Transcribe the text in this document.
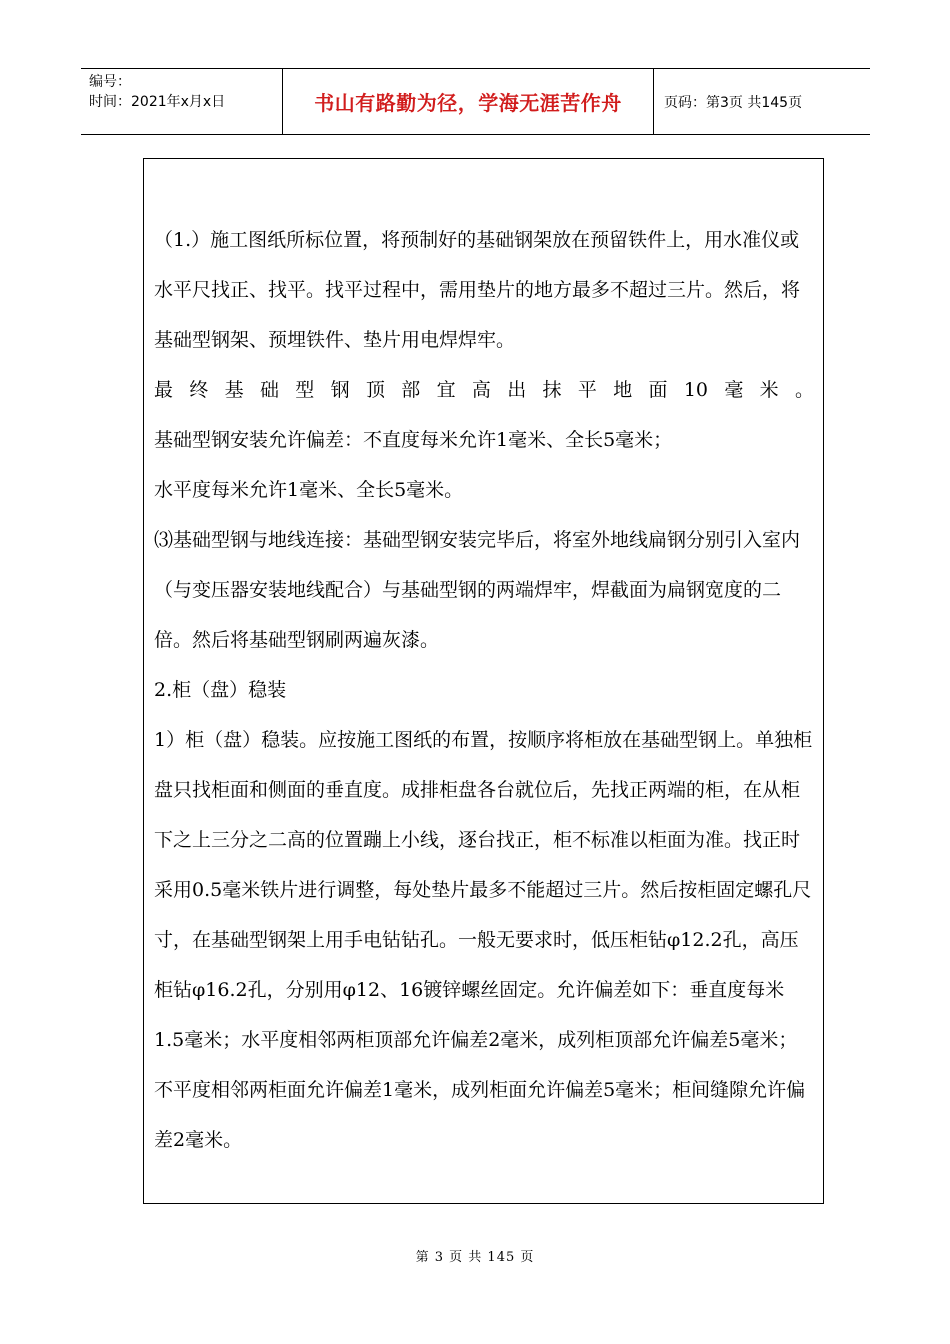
编号：
时间：2021年x月x日	书山有路勤为径，学海无涯苦作舟	页码：第3页 共145页

（1.）施工图纸所标位置，将预制好的基础钢架放在预留铁件上，用水准仪或水平尺找正、找平。找平过程中，需用垫片的地方最多不超过三片。然后，将基础型钢架、预埋铁件、垫片用电焊焊牢。

最终基础型钢顶部宜高出抹平地面10毫米。

基础型钢安装允许偏差：不直度每米允许1毫米、全长5毫米；

水平度每米允许1毫米、全长5毫米。

⑶基础型钢与地线连接：基础型钢安装完毕后，将室外地线扁钢分别引入室内（与变压器安装地线配合）与基础型钢的两端焊牢，焊截面为扁钢宽度的二倍。然后将基础型钢刷两遍灰漆。

2.柜（盘）稳装

1）柜（盘）稳装。应按施工图纸的布置，按顺序将柜放在基础型钢上。单独柜盘只找柜面和侧面的垂直度。成排柜盘各台就位后，先找正两端的柜，在从柜下之上三分之二高的位置蹦上小线，逐台找正，柜不标准以柜面为准。找正时采用0.5毫米铁片进行调整，每处垫片最多不能超过三片。然后按柜固定螺孔尺寸，在基础型钢架上用手电钻钻孔。一般无要求时，低压柜钻φ12.2孔，高压柜钻φ16.2孔，分别用φ12、16镀锌螺丝固定。允许偏差如下：垂直度每米1.5毫米；水平度相邻两柜顶部允许偏差2毫米，成列柜顶部允许偏差5毫米；不平度相邻两柜面允许偏差1毫米，成列柜面允许偏差5毫米；柜间缝隙允许偏差2毫米。

第 3 页 共 145 页
